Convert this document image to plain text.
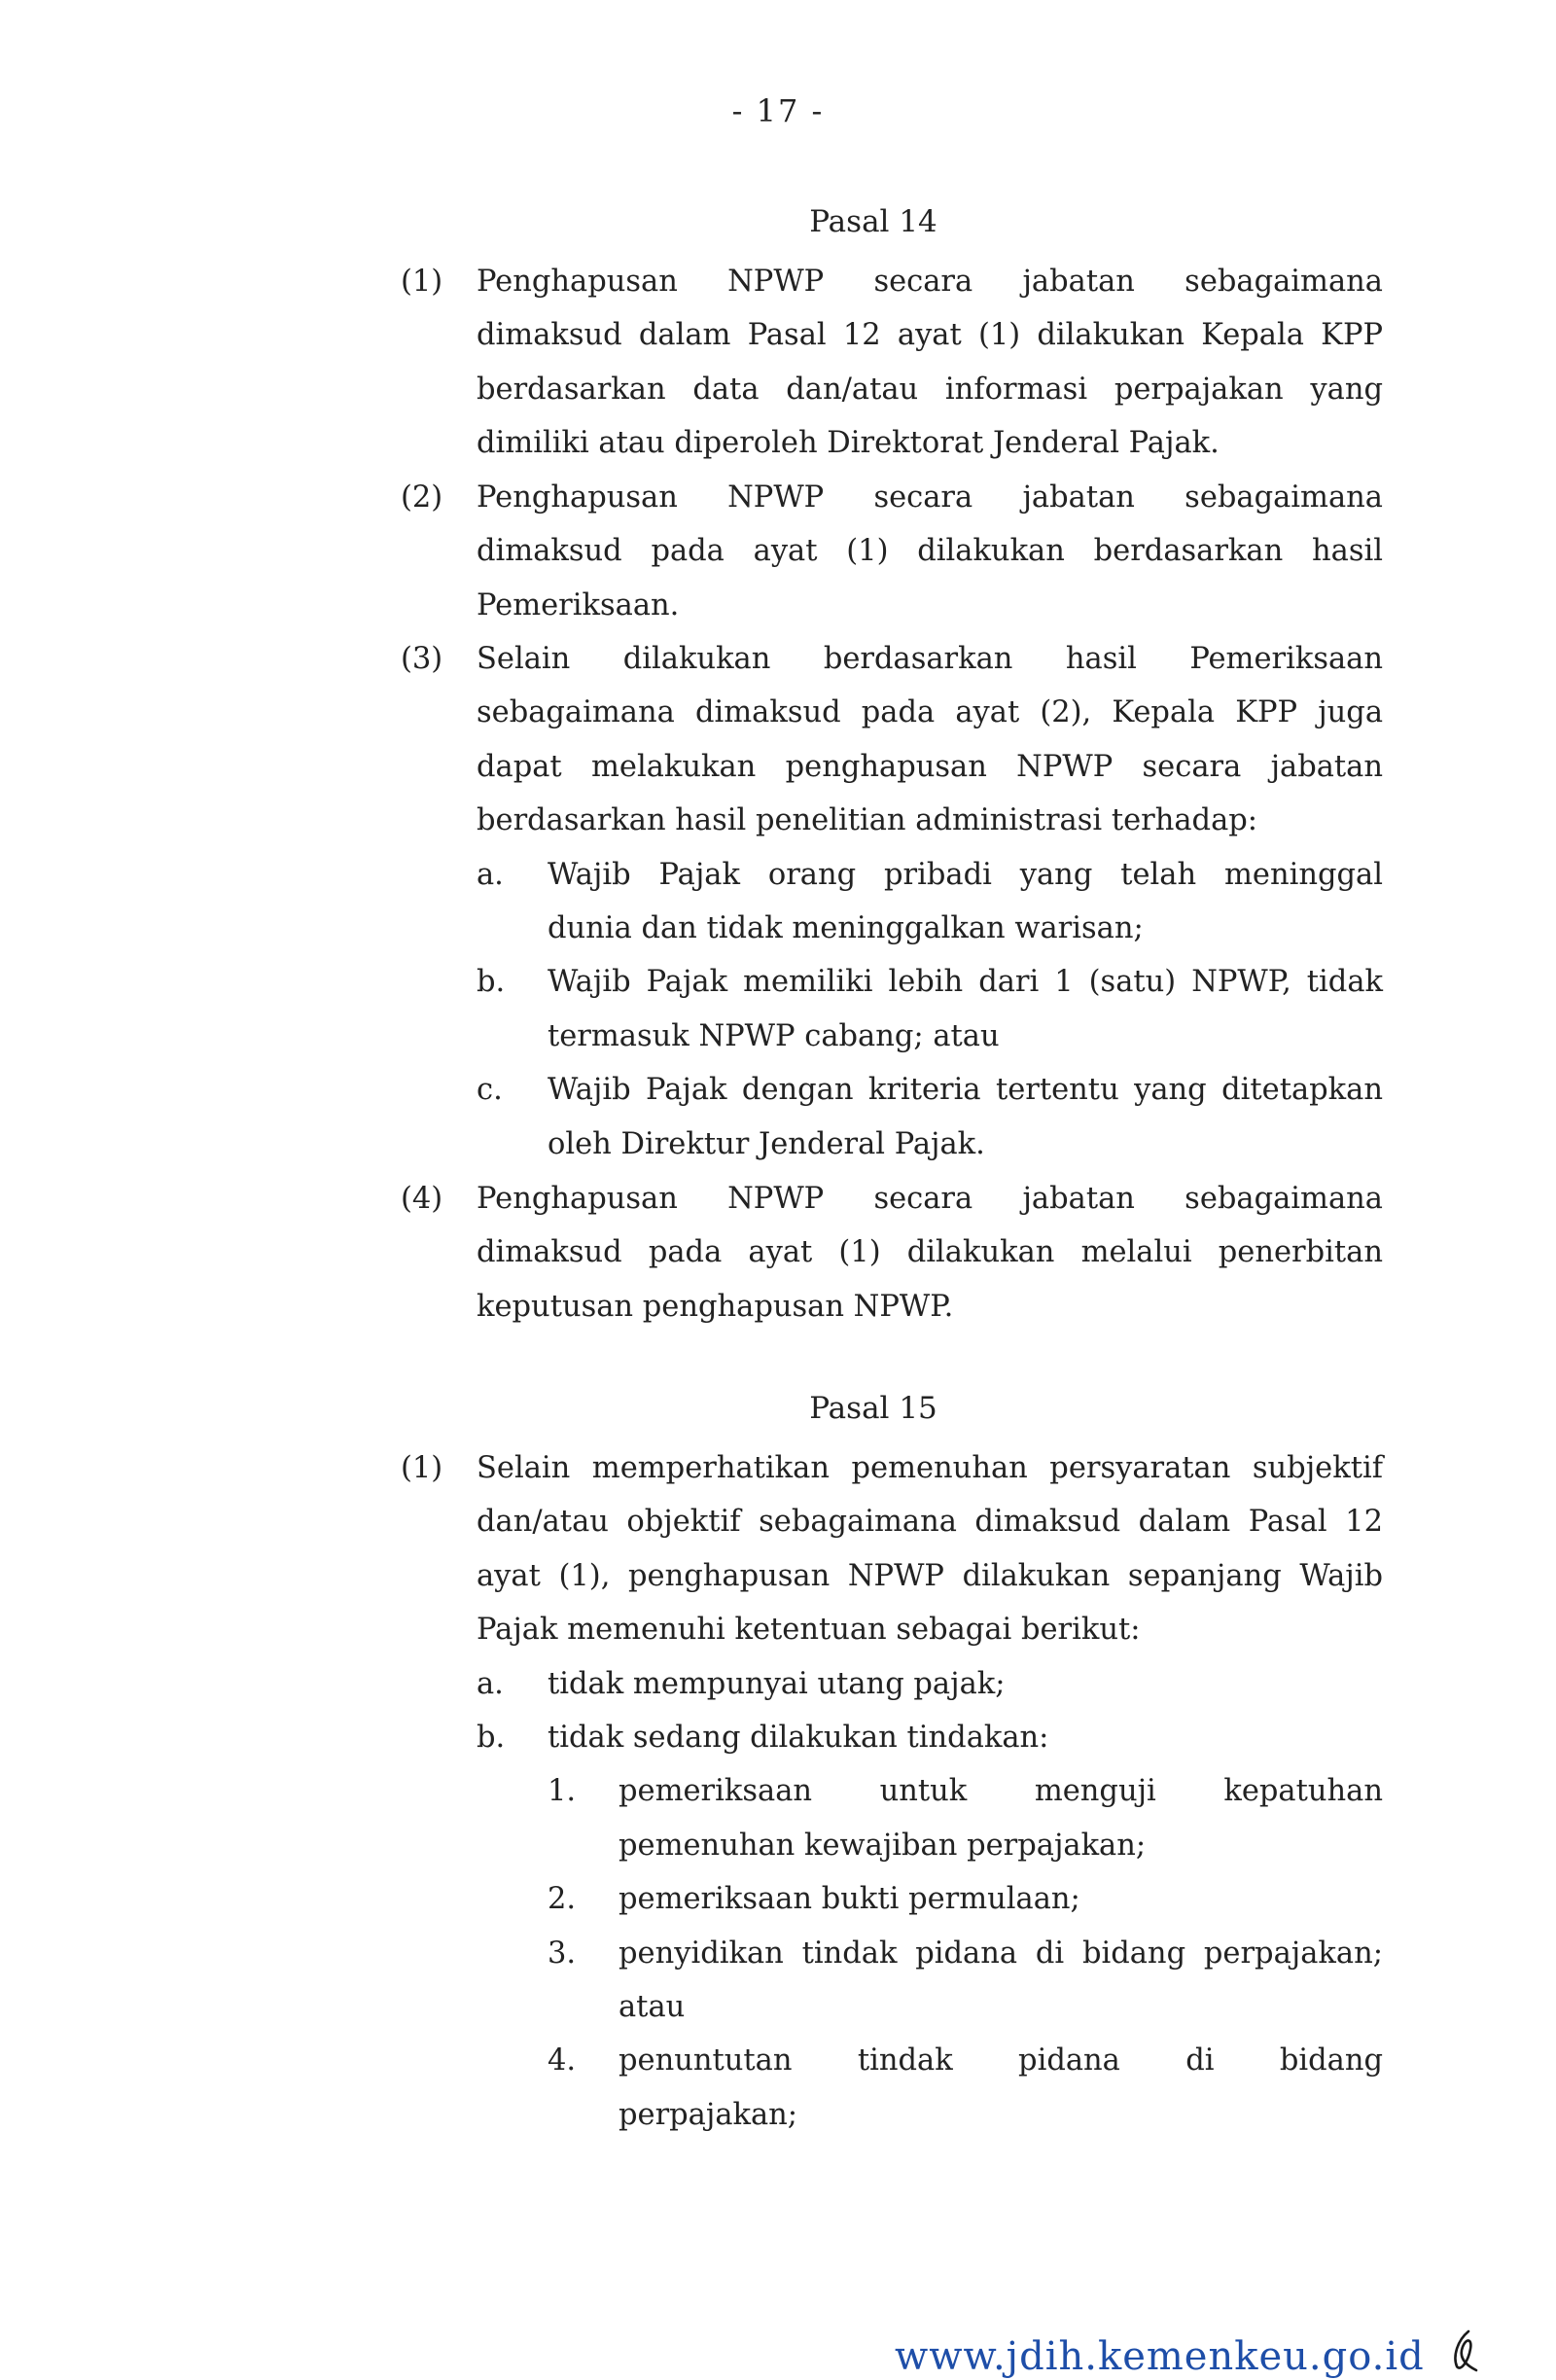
- 17 -
Pasal 14
(1)	Penghapusan NPWP secara jabatan sebagaimana
dimaksud dalam Pasal 12 ayat (1) dilakukan Kepala KPP
berdasarkan data dan/atau informasi perpajakan yang
dimiliki atau diperoleh Direktorat Jenderal Pajak.
(2)	Penghapusan NPWP secara jabatan sebagaimana
dimaksud pada ayat (1) dilakukan berdasarkan hasil
Pemeriksaan.
(3)	Selain dilakukan berdasarkan hasil Pemeriksaan
sebagaimana dimaksud pada ayat (2), Kepala KPP juga
dapat melakukan penghapusan NPWP secara jabatan
berdasarkan hasil penelitian administrasi terhadap:
a. Wajib Pajak orang pribadi yang telah meninggal
dunia dan tidak meninggalkan warisan;
b. Wajib Pajak memiliki lebih dari 1 (satu) NPWP, tidak
termasuk NPWP cabang; atau
c. Wajib Pajak dengan kriteria tertentu yang ditetapkan
oleh Direktur Jenderal Pajak.
(4)	Penghapusan NPWP secara jabatan sebagaimana
dimaksud pada ayat (1) dilakukan melalui penerbitan
keputusan penghapusan NPWP.
Pasal 15
(1)	Selain memperhatikan pemenuhan persyaratan subjektif
dan/atau objektif sebagaimana dimaksud dalam Pasal 12
ayat (1), penghapusan NPWP dilakukan sepanjang Wajib
Pajak memenuhi ketentuan sebagai berikut:
a. tidak mempunyai utang pajak;
b. tidak sedang dilakukan tindakan:
1. pemeriksaan untuk menguji kepatuhan
pemenuhan kewajiban perpajakan;
2. pemeriksaan bukti permulaan;
3. penyidikan tindak pidana di bidang perpajakan;
atau
4. penuntutan tindak pidana di bidang
perpajakan;
www.jdih.kemenkeu.go.id
